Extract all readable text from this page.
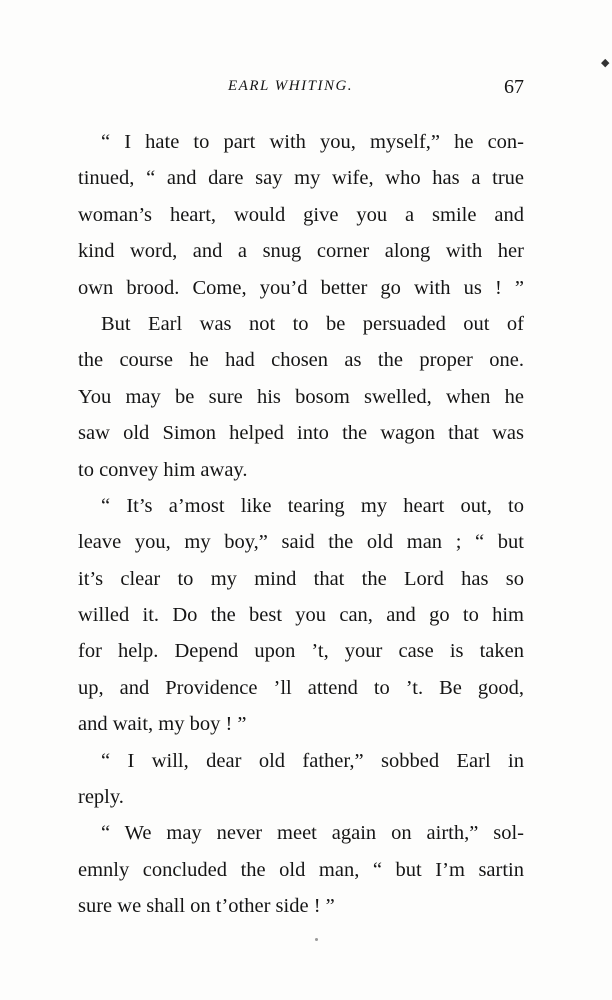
◆
EARL WHITING.	67
“ I hate to part with you, myself,” he con-
tinued, “ and dare say my wife, who has a true
woman’s heart, would give you a smile and
kind word, and a snug corner along with her
own brood. Come, you’d better go with us ! ”
But Earl was not to be persuaded out of
the course he had chosen as the proper one.
You may be sure his bosom swelled, when he
saw old Simon helped into the wagon that was
to convey him away.
“ It’s a’most like tearing my heart out, to
leave you, my boy,” said the old man ; “ but
it’s clear to my mind that the Lord has so
willed it. Do the best you can, and go to him
for help. Depend upon ’t, your case is taken
up, and Providence ’ll attend to ’t. Be good,
and wait, my boy ! ”
“ I will, dear old father,” sobbed Earl in
reply.
“ We may never meet again on airth,” sol-
emnly concluded the old man, “ but I’m sartin
sure we shall on t’other side ! ”
